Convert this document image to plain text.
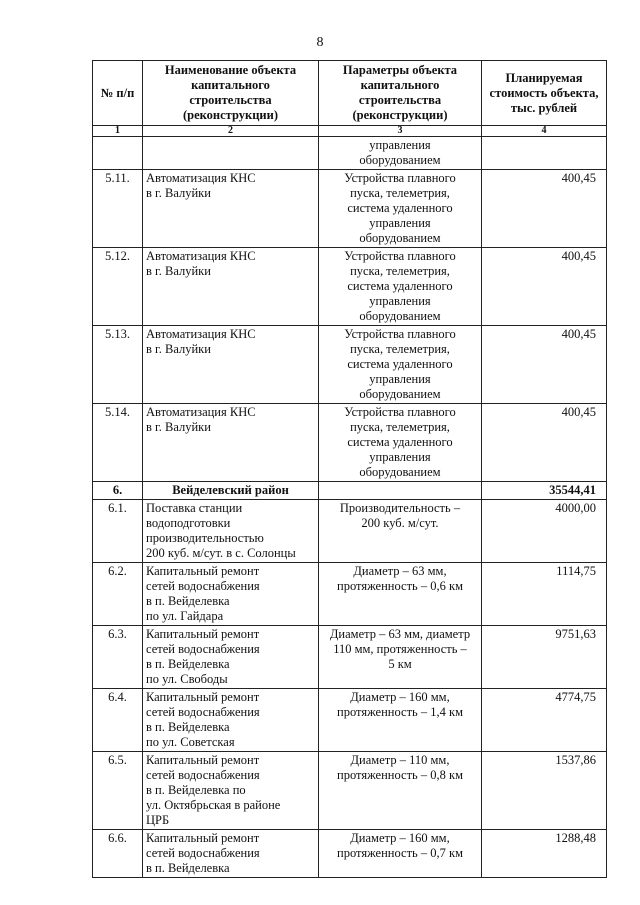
8
№ п/п	Наименование объекта
капитального
строительства
(реконструкции)	Параметры объекта
капитального
строительства
(реконструкции)	Планируемая
стоимость объекта,
тыс. рублей

1	2	3	4

		управления
оборудованием	

5.11.	Автоматизация КНС
в г. Валуйки	Устройства плавного
пуска, телеметрия,
система удаленного
управления
оборудованием	400,45
5.12.	Автоматизация КНС
в г. Валуйки	Устройства плавного
пуска, телеметрия,
система удаленного
управления
оборудованием	400,45
5.13.	Автоматизация КНС
в г. Валуйки	Устройства плавного
пуска, телеметрия,
система удаленного
управления
оборудованием	400,45
5.14.	Автоматизация КНС
в г. Валуйки	Устройства плавного
пуска, телеметрия,
система удаленного
управления
оборудованием	400,45
6.	Вейделевский район		35544,41
6.1.	Поставка станции
водоподготовки
производительностью
200 куб. м/сут. в с. Солонцы	Производительность –
200 куб. м/сут.	4000,00
6.2.	Капитальный ремонт
сетей водоснабжения
в п. Вейделевка
по ул. Гайдара	Диаметр – 63 мм,
протяженность – 0,6 км	1114,75
6.3.	Капитальный ремонт
сетей водоснабжения
в п. Вейделевка
по ул. Свободы	Диаметр – 63 мм, диаметр
110 мм, протяженность –
5 км	9751,63
6.4.	Капитальный ремонт
сетей водоснабжения
в п. Вейделевка
по ул. Советская	Диаметр – 160 мм,
протяженность – 1,4 км	4774,75
6.5.	Капитальный ремонт
сетей водоснабжения
в п. Вейделевка по
ул. Октябрьская в районе
ЦРБ	Диаметр – 110 мм,
протяженность – 0,8 км	1537,86
6.6.	Капитальный ремонт
сетей водоснабжения
в п. Вейделевка	Диаметр – 160 мм,
протяженность – 0,7 км	1288,48
